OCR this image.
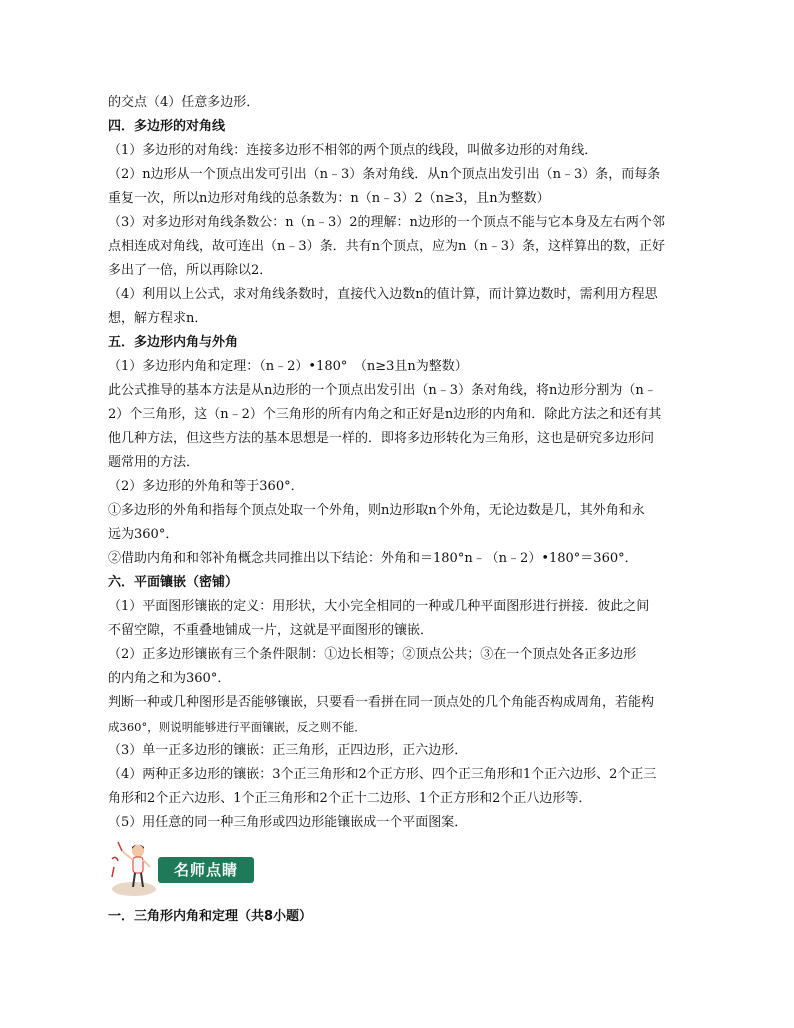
的交点（4）任意多边形．
四．多边形的对角线
（1）多边形的对角线：连接多边形不相邻的两个顶点的线段，叫做多边形的对角线．
（2）n边形从一个顶点出发可引出（n﹣3）条对角线．从n个顶点出发引出（n﹣3）条，而每条
重复一次，所以n边形对角线的总条数为：n（n﹣3）2（n≥3，且n为整数）
（3）对多边形对角线条数公：n（n﹣3）2的理解：n边形的一个顶点不能与它本身及左右两个邻
点相连成对角线，故可连出（n﹣3）条．共有n个顶点，应为n（n﹣3）条，这样算出的数，正好
多出了一倍，所以再除以2．
（4）利用以上公式，求对角线条数时，直接代入边数n的值计算，而计算边数时，需利用方程思
想，解方程求n．
五．多边形内角与外角
（1）多边形内角和定理：（n﹣2）•180°　（n≥3且n为整数）
此公式推导的基本方法是从n边形的一个顶点出发引出（n﹣3）条对角线，将n边形分割为（n﹣
2）个三角形，这（n﹣2）个三角形的所有内角之和正好是n边形的内角和．除此方法之和还有其
他几种方法，但这些方法的基本思想是一样的．即将多边形转化为三角形，这也是研究多边形问
题常用的方法．
（2）多边形的外角和等于360°．
①多边形的外角和指每个顶点处取一个外角，则n边形取n个外角，无论边数是几，其外角和永
远为360°．
②借助内角和和邻补角概念共同推出以下结论：外角和＝180°n﹣（n﹣2）•180°＝360°．
六．平面镶嵌（密铺）
（1）平面图形镶嵌的定义：用形状，大小完全相同的一种或几种平面图形进行拼接．彼此之间
不留空隙，不重叠地铺成一片，这就是平面图形的镶嵌．
（2）正多边形镶嵌有三个条件限制：①边长相等；②顶点公共；③在一个顶点处各正多边形
的内角之和为360°．
判断一种或几种图形是否能够镶嵌，只要看一看拼在同一顶点处的几个角能否构成周角，若能构
成360°，则说明能够进行平面镶嵌，反之则不能．
（3）单一正多边形的镶嵌：正三角形，正四边形，正六边形．
（4）两种正多边形的镶嵌：3个正三角形和2个正方形、四个正三角形和1个正六边形、2个正三
角形和2个正六边形、1个正三角形和2个正十二边形、1个正方形和2个正八边形等．
（5）用任意的同一种三角形或四边形能镶嵌成一个平面图案．
名师点睛
一．三角形内角和定理（共8小题）
